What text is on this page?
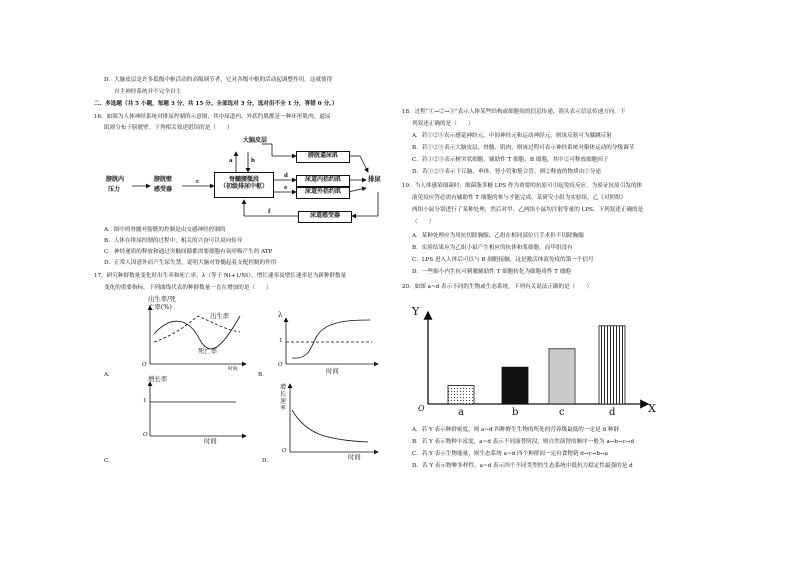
D．大脑皮层是许多低级中枢活动的高级调节者，它对各级中枢的活动起调整作用，这就使得
自主神经系统并不完全自主
二、多选题（共 5 小题，每题 3 分，共 15 分。全部选对 3 分，选对但不全 1 分，答错 0 分。）
16．如图为人体神经系统对排尿控制的示意图，其中尿道内、外括约肌都是一种环形肌肉，逼尿
肌则分布于膀胱壁。下列相关叙述错误的是（　　）
大脑皮层
膀胱内
压力
膀胱壁
感受器
脊髓腰骶段
（初级排尿中枢）
膀胱逼尿肌
尿道内括约肌
尿道外括约肌
排尿
尿道感受器
a	b
c
d
e
f
A．图中的脊髓对膀胱的控制是由交感神经控制的
B．人体在排尿控制的过程中，相关的兴奋可以双向传导
C．神经递质的释放和通过突触间隙都需要细胞有氧呼吸产生的 ATP
D．正常人因意外而产生尿失禁，说明大脑对脊髓起着支配控制的作用
17．研究种群数量变化时出生率和死亡率，λ（等于 Nt+1/Nt），增长速率及增长速率是为新种群数量
变化的重要指标。下列曲线代表的种群数量一直在增加的是（　　）
出生率/死
亡率(%)
出生率
死亡率
时间
O
A．
λ
1
时间
O
B．
增长率
1
时间
O
C．
增
长
速
率
时间
O
D．
18．过程“①→②→③”表示人体某些结构或细胞间的信息传递，箭头表示信息传递方向。下
列叙述正确的是（　　）
A．若①②③表示感觉神经元、中间神经元和运动神经元，则该反射可为膝跳反射
B．若①②③表示大脑皮层、脊髓、肌肉，则该过程可表示神经系统对躯体运动的分级调节
C．若①②③表示树突状细胞、辅助性 T 细胞、B 细胞，其中②可释放细胞因子
D．若①②③表示下丘脑、垂体、肾小管和集合管，则②释放的物质由①分泌
19．当人体感染细菌时，细菌脂多糖 LPS 作为重要的抗原可引起免疫反应。为验证抗原引发的体
液免疫应答必需有辅助性 T 细胞的参与才能完成，某研究小组为实验组，乙《对照组》
两组小鼠分别进行了某种处理，然后对甲、乙两组小鼠均注射等量的 LPS。下列叙述正确的是
（　　）
A．某种处理应为用抗切除胸腺，乙组在相同部位只手术但不切除胸腺
B．实验结果应为乙组小鼠产生相应的抗体和浆细胞，而甲组没有
C．LPS 进入人体后可以与 B 细胞接触，这是激活体液免疫的第一个信号
D．一些缩小内生抗可刺激辅助性 T 细胞转化为细胞毒性 T 细胞
20．如图 a~d 表示不同的生物或生态系统。下列有关说法正确的是（　　）
Y
X
O	a	b	c	d
A．若 Y 表示种群密度，则 a~d 四种野生生物的所处的营养级最低的一定是 d 种群
B．若 Y 表示物种丰富度，a~d 表示不同演替阶段，则自然演替的顺序一般为 a→b→c→d
C．若 Y 表示生物能量，则生态系统 a~d 四个种群间一定有食物链 d→c→b→a
D．若 Y 表示物种多样性，a~d 表示四个不同类型的生态系统中抵抗力稳定性最强的是 d
